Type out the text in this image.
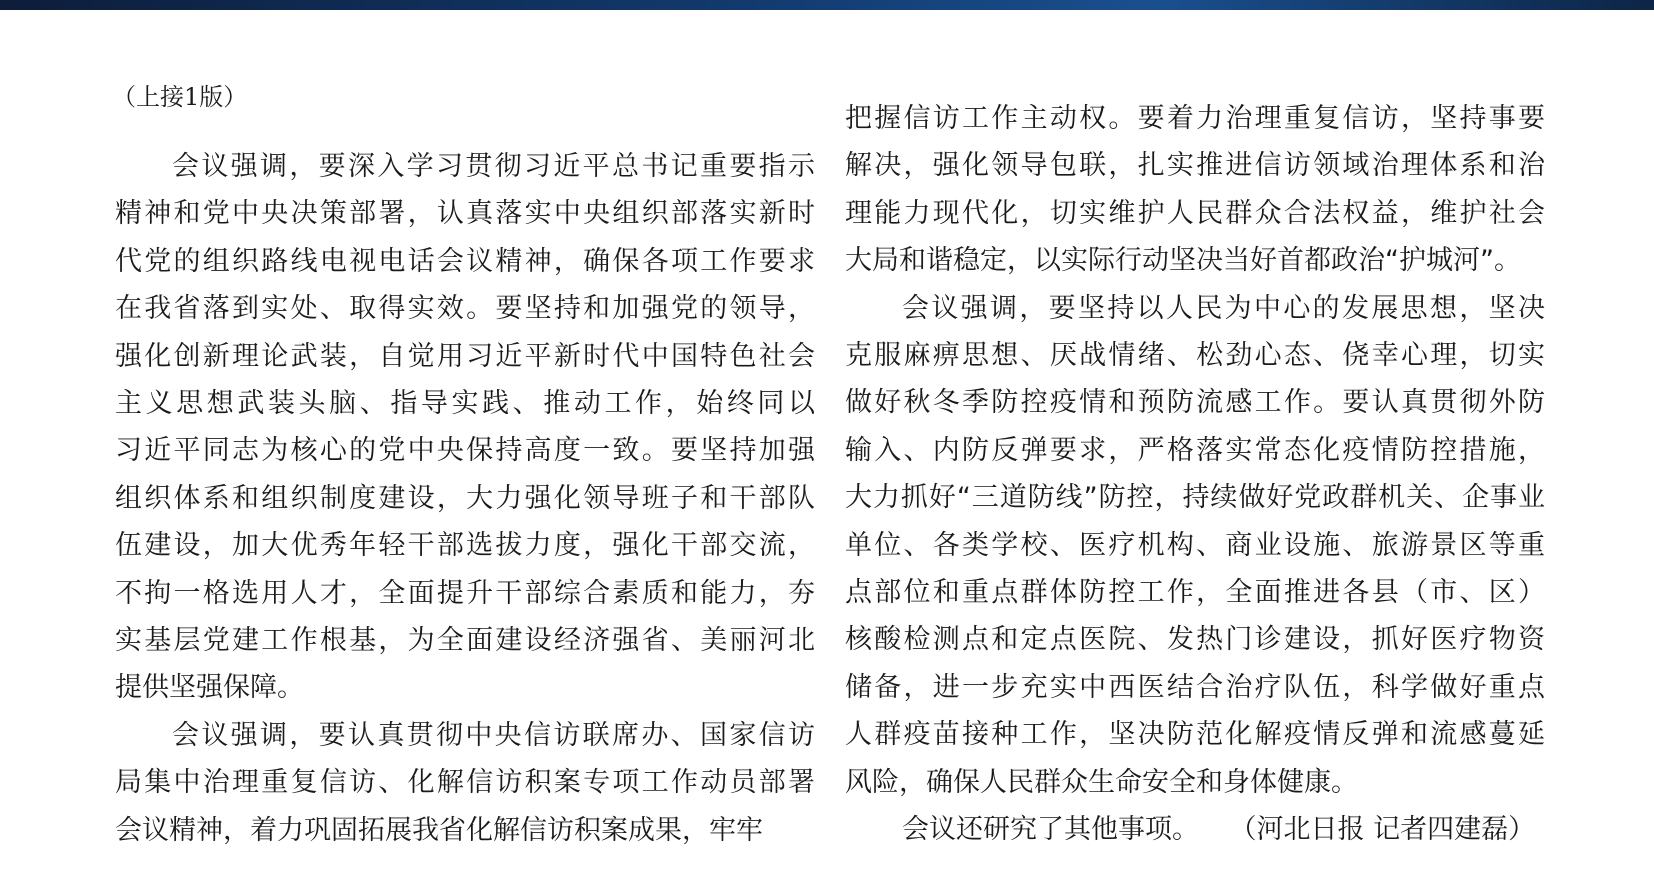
（上接1版）
会议强调，要深入学习贯彻习近平总书记重要指示
精神和党中央决策部署，认真落实中央组织部落实新时
代党的组织路线电视电话会议精神，确保各项工作要求
在我省落到实处、取得实效。要坚持和加强党的领导，
强化创新理论武装，自觉用习近平新时代中国特色社会
主义思想武装头脑、指导实践、推动工作，始终同以
习近平同志为核心的党中央保持高度一致。要坚持加强
组织体系和组织制度建设，大力强化领导班子和干部队
伍建设，加大优秀年轻干部选拔力度，强化干部交流，
不拘一格选用人才，全面提升干部综合素质和能力，夯
实基层党建工作根基，为全面建设经济强省、美丽河北
提供坚强保障。
会议强调，要认真贯彻中央信访联席办、国家信访
局集中治理重复信访、化解信访积案专项工作动员部署
会议精神，着力巩固拓展我省化解信访积案成果，牢牢
把握信访工作主动权。要着力治理重复信访，坚持事要
解决，强化领导包联，扎实推进信访领域治理体系和治
理能力现代化，切实维护人民群众合法权益，维护社会
大局和谐稳定，以实际行动坚决当好首都政治“护城河”。
会议强调，要坚持以人民为中心的发展思想，坚决
克服麻痹思想、厌战情绪、松劲心态、侥幸心理，切实
做好秋冬季防控疫情和预防流感工作。要认真贯彻外防
输入、内防反弹要求，严格落实常态化疫情防控措施，
大力抓好“三道防线”防控，持续做好党政群机关、企事业
单位、各类学校、医疗机构、商业设施、旅游景区等重
点部位和重点群体防控工作，全面推进各县（市、区）
核酸检测点和定点医院、发热门诊建设，抓好医疗物资
储备，进一步充实中西医结合治疗队伍，科学做好重点
人群疫苗接种工作，坚决防范化解疫情反弹和流感蔓延
风险，确保人民群众生命安全和身体健康。
会议还研究了其他事项。 （河北日报 记者四建磊）
